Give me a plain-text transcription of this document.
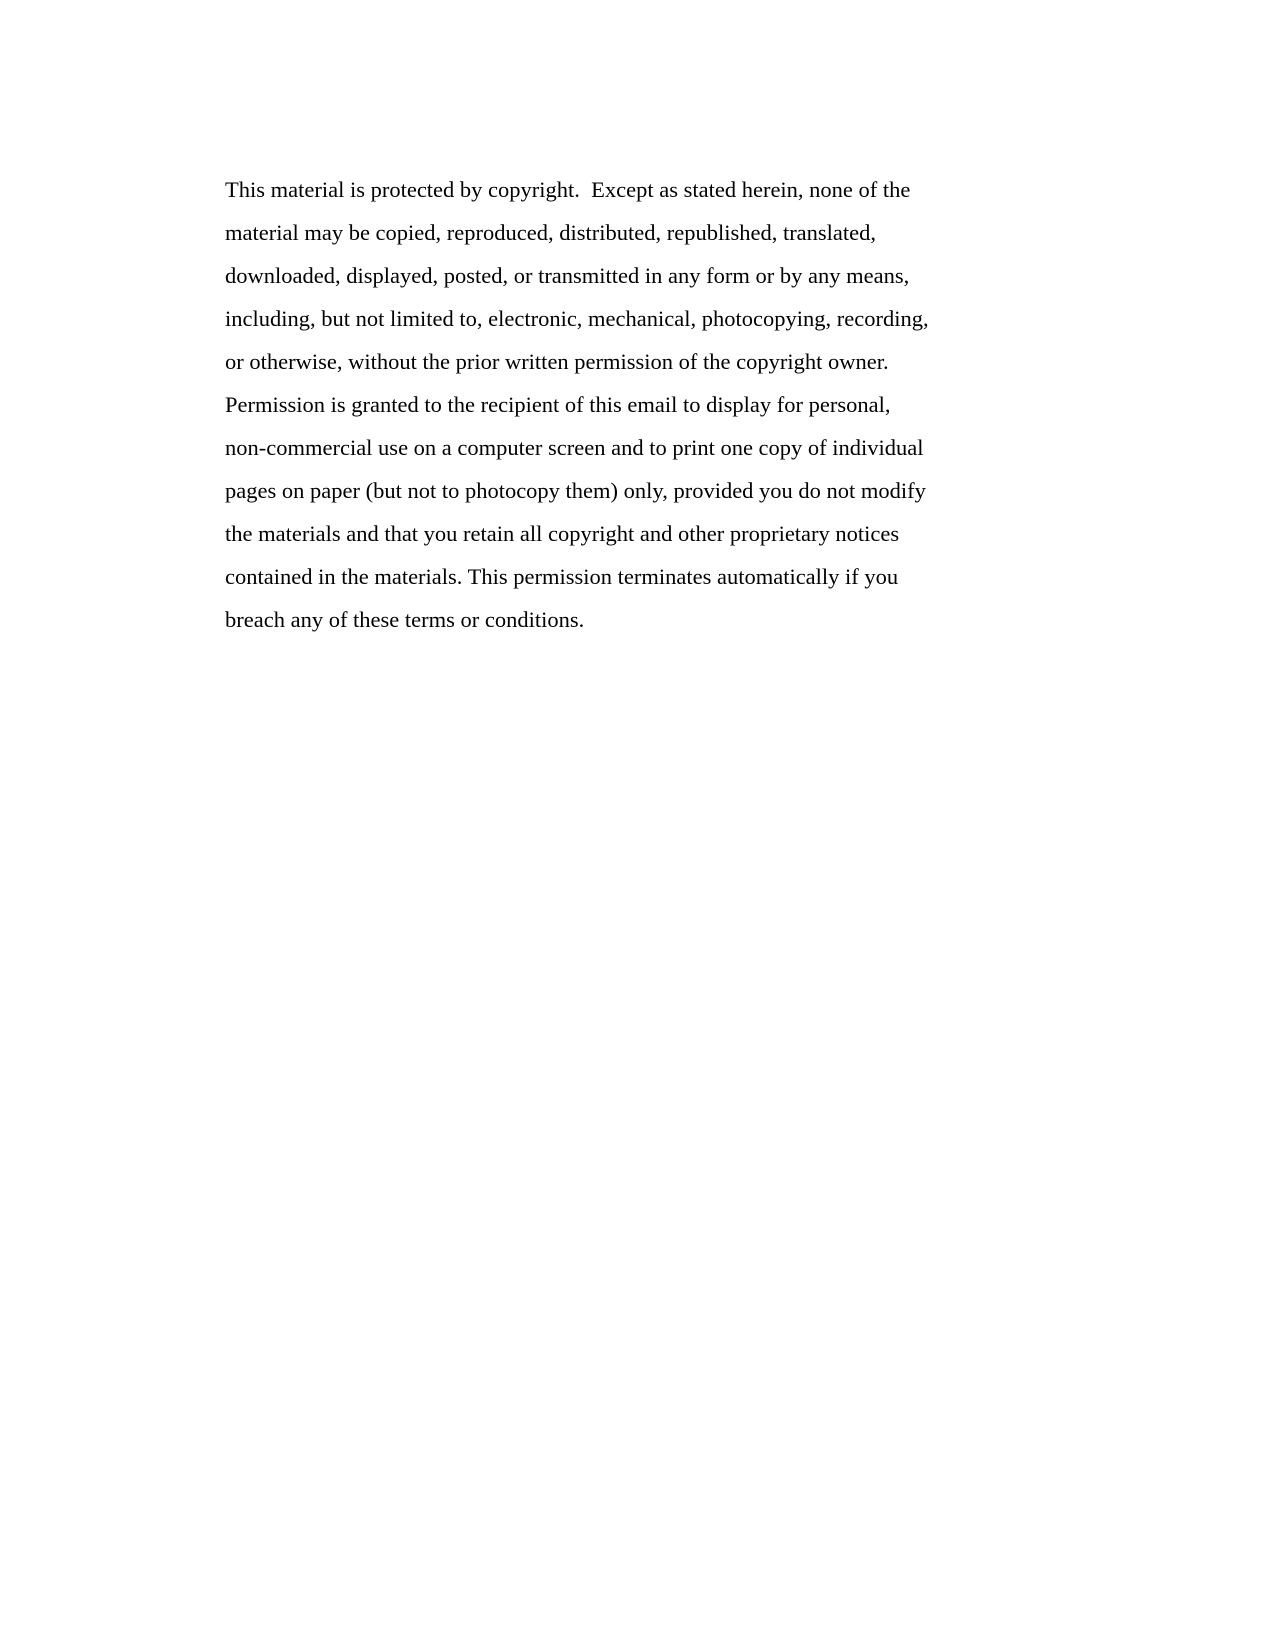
This material is protected by copyright.  Except as stated herein, none of the
material may be copied, reproduced, distributed, republished, translated,
downloaded, displayed, posted, or transmitted in any form or by any means,
including, but not limited to, electronic, mechanical, photocopying, recording,
or otherwise, without the prior written permission of the copyright owner.
Permission is granted to the recipient of this email to display for personal,
non-commercial use on a computer screen and to print one copy of individual
pages on paper (but not to photocopy them) only, provided you do not modify
the materials and that you retain all copyright and other proprietary notices
contained in the materials. This permission terminates automatically if you
breach any of these terms or conditions.
